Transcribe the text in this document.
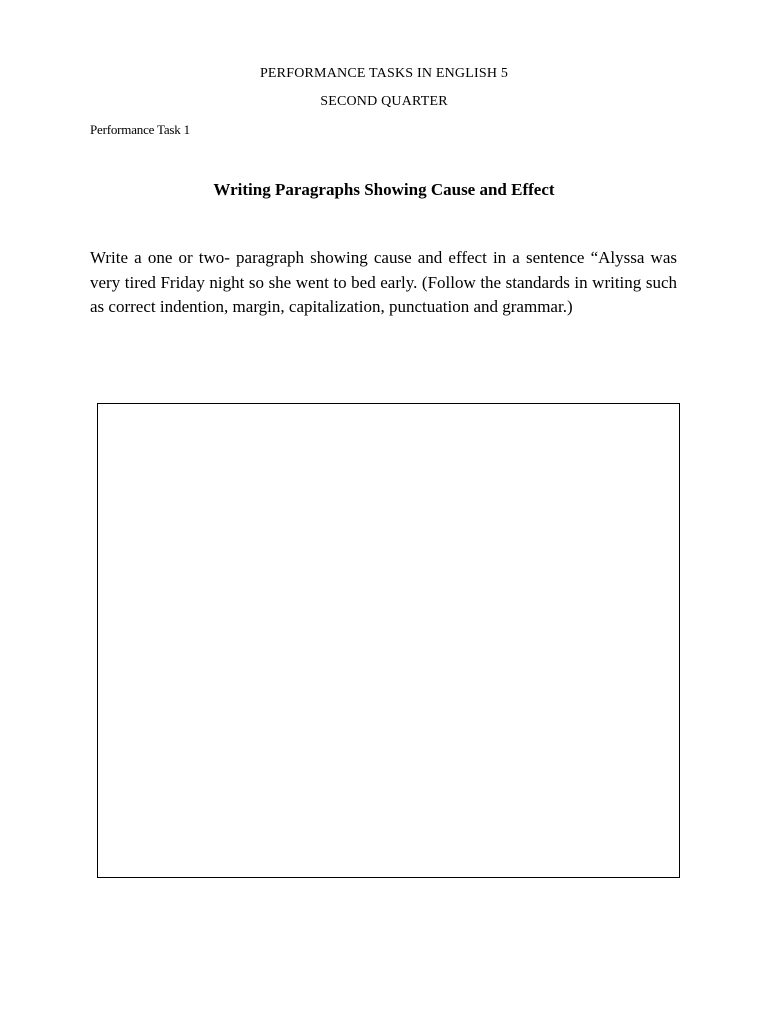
PERFORMANCE TASKS IN ENGLISH 5
SECOND QUARTER
Performance Task 1
Writing Paragraphs Showing Cause and Effect

Write a one or two- paragraph showing cause and effect in a sentence “Alyssa was very tired Friday night so she went to bed early. (Follow the standards in writing such as correct indention, margin, capitalization, punctuation and grammar.)
